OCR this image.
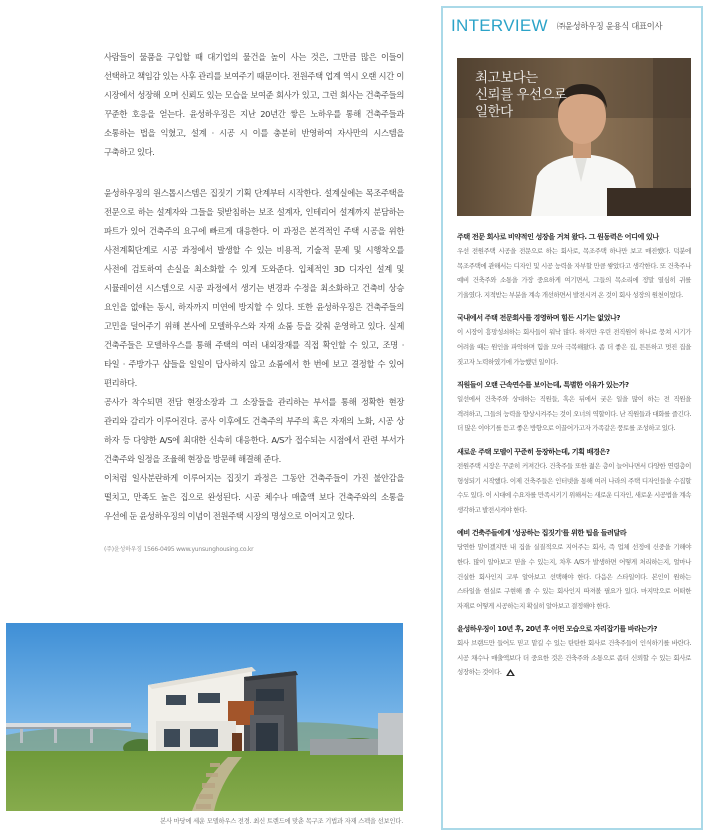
사람들이 물품을 구입할 때 대기업의 물건을 높이 사는 것은, 그만큼 많은 이들이 선택하고 책임감 있는 사후 관리를 보여주기 때문이다. 전원주택 업계 역시 오랜 시간 이 시장에서 성장해 오며 신뢰도 있는 모습을 보여준 회사가 있고, 그런 회사는 건축주들의 꾸준한 호응을 얻는다. 윤성하우징은 지난 20년간 쌓은 노하우를 통해 건축주들과 소통하는 법을 익혔고, 설계 · 시공 시 이를 충분히 반영하여 자사만의 시스템을 구축하고 있다.

윤성하우징의 원스톱시스템은 집짓기 기획 단계부터 시작한다. 설계실에는 목조주택을 전문으로 하는 설계자와 그들을 뒷받침하는 보조 설계자, 인테리어 설계까지 분담하는 파트가 있어 건축주의 요구에 빠르게 대응한다. 이 과정은 본격적인 주택 시공을 위한 사전계획단계로 시공 과정에서 발생할 수 있는 비용적, 기술적 문제 및 시행착오를 사전에 검토하여 손실을 최소화할 수 있게 도와준다. 입체적인 3D 디자인 설계 및 시뮬레이션 시스템으로 시공 과정에서 생기는 변경과 수정을 최소화하고 건축비 상승 요인을 없애는 동시, 하자까지 미연에 방지할 수 있다. 또한 윤성하우징은 건축주들의 고민을 덜어주기 위해 본사에 모델하우스와 자재 쇼룸 등을 갖춰 운영하고 있다. 실제 건축주들은 모델하우스를 통해 주택의 여러 내외장재를 직접 확인할 수 있고, 조명 · 타일 · 주방가구 샵들을 일일이 답사하지 않고 쇼룸에서 한 번에 보고 결정할 수 있어 편리하다.

공사가 착수되면 전담 현장소장과 그 소장들을 관리하는 부서를 통해 정확한 현장 관리와 감리가 이루어진다. 공사 이후에도 건축주의 부주의 혹은 자재의 노화, 시공 상 하자 등 다양한 A/S에 최대한 신속히 대응한다. A/S가 접수되는 시점에서 관련 부서가 건축주와 일정을 조율해 현장을 방문해 해결해 준다.

이처럼 일사분란하게 이루어지는 집짓기 과정은 그동안 건축주들이 가진 불안감을 떨치고, 만족도 높은 집으로 완성된다. 시공 체수나 매출액 보다 건축주와의 소통을 우선에 둔 윤성하우징의 이념이 전원주택 시장의 명성으로 이어지고 있다.

(주)윤성하우징 1566-0495 www.yunsunghousing.co.kr

본사 마당에 세운 모델하우스 전경. 최신 트렌드에 맞춘 목구조 기법과 자재 스펙을 선보인다.

INTERVIEW ㈜윤성하우징 윤용식 대표이사
최고보다는
신뢰를 우선으로
일한다

주택 전문 회사로 비약적인 성장을 거쳐 왔다. 그 원동력은 어디에 있나

우선 전원주택 시공을 전문으로 하는 회사로, 목조주택 하나만 보고 매진했다. 덕분에 목조주택에 관해서는 디자인 및 시공 능력을 자부할 만큼 쌓았다고 생각한다. 또 건축주나 예비 건축주와 소통을 가장 중요하게 여기면서, 그들의 목소리에 정말 열심히 귀를 기울였다. 지적받는 부분을 계속 개선하면서 발전시켜 온 것이 회사 성장의 원천이었다.

국내에서 주택 전문회사를 경영하며 힘든 시기는 없었나?

이 시장이 흥망성쇠하는 회사들이 워낙 많다. 하지만 우린 전직원이 하나로 뭉쳐 시기가 어려울 때는 원인을 파악하며 힘을 모아 극복해왔다. 좀 더 좋은 집, 튼튼하고 멋진 집을 짓고자 노력하였기에 가능했던 일이다.

직원들이 오랜 근속연수를 보이는데, 특별한 이유가 있는가?

일선에서 건축주와 상대하는 직원들, 혹은 뒤에서 궂은 일을 많이 하는 전 직원을 격려하고, 그들의 능력을 향상시켜주는 것이 오너의 역할이다. 난 직원들과 대화를 즐긴다. 더 많은 이야기를 듣고 좋은 방향으로 이끌어가고자 가족같은 풍토를 조성하고 있다.

새로운 주택 모델이 꾸준히 등장하는데, 기획 배경은?

전원주택 시장은 꾸준히 커져간다. 건축주들 또한 젊은 층이 늘어나면서 다양한 연령층이 형성되기 시작했다. 이제 건축주들은 인터넷을 통해 여러 나라의 주택 디자인들을 수집할 수도 있다. 이 시대에 수요자를 만족시키기 위해서는 새로운 디자인, 새로운 시공법을 계속 생각하고 발전시켜야 한다.

예비 건축주들에게 '성공하는 집짓기'를 위한 팁을 들려달라

당연한 말이겠지만 내 집을 실질적으로 지어주는 회사, 즉 업체 선정에 신중을 기해야 한다. 많이 알아보고 믿을 수 있는지, 차후 A/S가 발생하면 어떻게 처리하는지, 얼마나 건실한 회사인지 고루 알아보고 선택해야 한다. 다음은 스타일이다. 본인이 원하는 스타일을 현실로 구현해 줄 수 있는 회사인지 따져볼 필요가 있다. 마지막으로 어떠한 자재로 어떻게 시공하는지 확실히 알아보고 결정해야 한다.

윤성하우징이 10년 후, 20년 후 어떤 모습으로 자리잡기를 바라는가?

회사 브랜드만 들어도 믿고 맡길 수 있는 탄탄한 회사로 건축주들이 인식하기를 바란다. 시공 채수나 매출액보다 더 중요한 것은 건축주와 소통으로 좀더 신뢰할 수 있는 회사로 성장하는 것이다.
